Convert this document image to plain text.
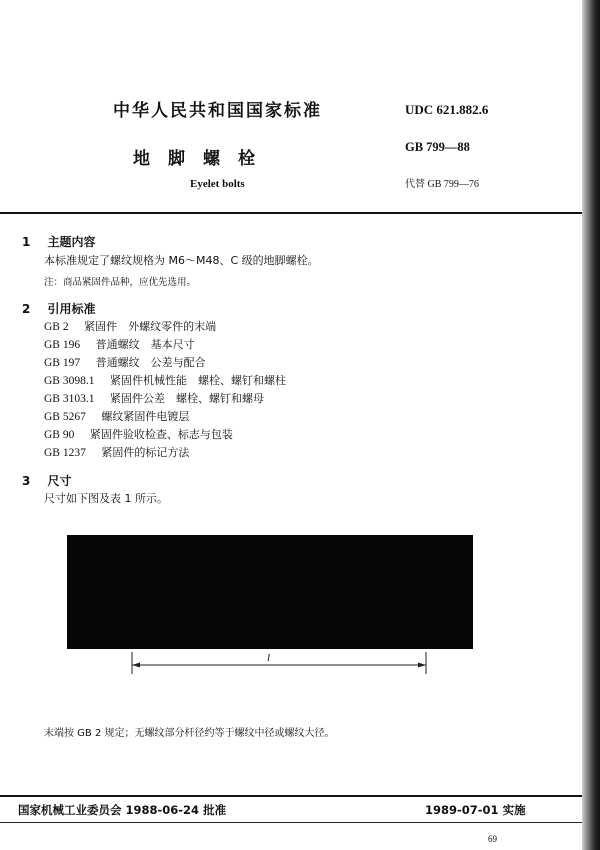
中华人民共和国国家标准
地脚螺栓
Eyelet bolts
UDC 621.882.6
GB 799—88
代替 GB 799—76
1 主题内容
本标准规定了螺纹规格为 M6～M48、C 级的地脚螺栓。
注：商品紧固件品种，应优先选用。
2 引用标准
GB 2 紧固件　外螺纹零件的末端
GB 196 普通螺纹　基本尺寸
GB 197 普通螺纹　公差与配合
GB 3098.1 紧固件机械性能　螺栓、螺钉和螺柱
GB 3103.1 紧固件公差　螺栓、螺钉和螺母
GB 5267 螺纹紧固件电镀层
GB 90 紧固件验收检查、标志与包装
GB 1237 紧固件的标记方法
3 尺寸
尺寸如下图及表 1 所示。
l
末端按 GB 2 规定；无螺纹部分杆径约等于螺纹中径或螺纹大径。
国家机械工业委员会 1988-06-24 批准	1989-07-01 实施
69
